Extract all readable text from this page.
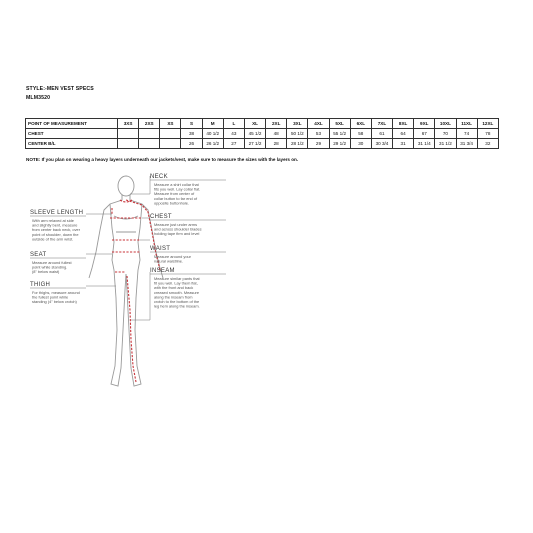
STYLE:-MEN VEST SPECS
MLM3520
POINT OF MEASUREMENT	3XS	2XS	XS	S	M	L	XL	2XL	3XL	4XL	5XL	6XL	7XL	8XL	9XL	10XL	11XL	12XL
CHEST				38	40 1/2	43	45 1/2	48	50 1/2	53	55 1/2	58	61	64	67	70	74	78
CENTER B/L				26	26 1/2	27	27 1/2	28	28 1/2	29	29 1/2	30	30 3/4	31	31 1/4	31 1/2	31 3/4	32
NOTE: If you plan on wearing a heavy layers underneath our jackets/vest, make sure to measure the sizes with the layers on.
NECK
Measure a shirt collar that
fits you well. Lay collar flat.
Measure from center of
collar button to far end of
opposite buttonhole.
CHEST
Measure just under arms
and across shoulder blades
holding tape firm and level
WAIST
Measure around your
natural waistline.
INSEAM
Measure similar pants that
fit you well. Lay them flat,
with the front and back
creased smooth. Measure
along the inseam from
crotch to the bottom of the
leg hem along the inseam.
SLEEVE LENGTH
With arm relaxed at side
and slightly bent, measure
from center back neck, over
point of shoulder, down the
outside of the arm wrist.
SEAT
Measure around fullest
point while standing.
(8" below waist)
THIGH
For thighs, measure around
the fullest point while
standing (4" below crotch)
